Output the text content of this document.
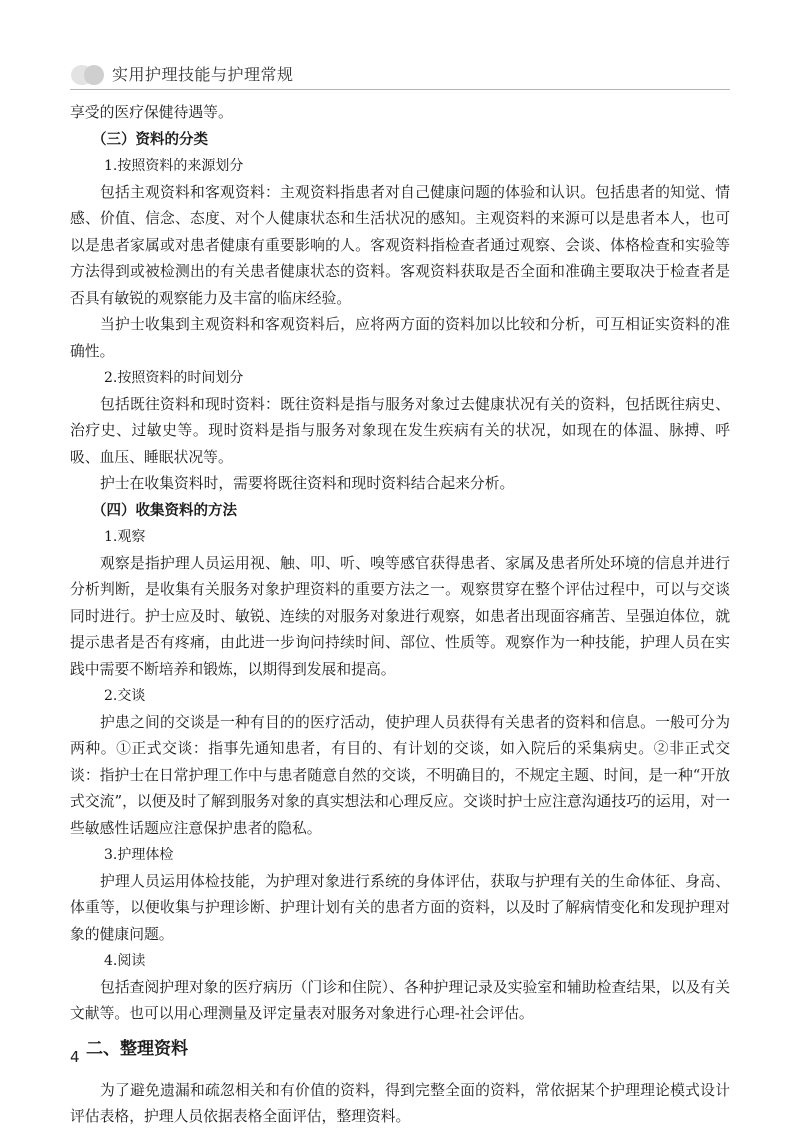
实用护理技能与护理常规

享受的医疗保健待遇等。

（三）资料的分类

1.按照资料的来源划分

包括主观资料和客观资料：主观资料指患者对自己健康问题的体验和认识。包括患者的知觉、情感、价值、信念、态度、对个人健康状态和生活状况的感知。主观资料的来源可以是患者本人，也可以是患者家属或对患者健康有重要影响的人。客观资料指检查者通过观察、会谈、体格检查和实验等方法得到或被检测出的有关患者健康状态的资料。客观资料获取是否全面和准确主要取决于检查者是否具有敏锐的观察能力及丰富的临床经验。

当护士收集到主观资料和客观资料后，应将两方面的资料加以比较和分析，可互相证实资料的准确性。

2.按照资料的时间划分

包括既往资料和现时资料：既往资料是指与服务对象过去健康状况有关的资料，包括既往病史、治疗史、过敏史等。现时资料是指与服务对象现在发生疾病有关的状况，如现在的体温、脉搏、呼吸、血压、睡眠状况等。

护士在收集资料时，需要将既往资料和现时资料结合起来分析。

（四）收集资料的方法

1.观察

观察是指护理人员运用视、触、叩、听、嗅等感官获得患者、家属及患者所处环境的信息并进行分析判断，是收集有关服务对象护理资料的重要方法之一。观察贯穿在整个评估过程中，可以与交谈同时进行。护士应及时、敏锐、连续的对服务对象进行观察，如患者出现面容痛苦、呈强迫体位，就提示患者是否有疼痛，由此进一步询问持续时间、部位、性质等。观察作为一种技能，护理人员在实践中需要不断培养和锻炼，以期得到发展和提高。

2.交谈

护患之间的交谈是一种有目的的医疗活动，使护理人员获得有关患者的资料和信息。一般可分为两种。①正式交谈：指事先通知患者，有目的、有计划的交谈，如入院后的采集病史。②非正式交谈：指护士在日常护理工作中与患者随意自然的交谈，不明确目的，不规定主题、时间，是一种“开放式交流”，以便及时了解到服务对象的真实想法和心理反应。交谈时护士应注意沟通技巧的运用，对一些敏感性话题应注意保护患者的隐私。

3.护理体检

护理人员运用体检技能，为护理对象进行系统的身体评估，获取与护理有关的生命体征、身高、体重等，以便收集与护理诊断、护理计划有关的患者方面的资料，以及时了解病情变化和发现护理对象的健康问题。

4.阅读

包括查阅护理对象的医疗病历（门诊和住院）、各种护理记录及实验室和辅助检查结果，以及有关文献等。也可以用心理测量及评定量表对服务对象进行心理-社会评估。

二、整理资料

为了避免遗漏和疏忽相关和有价值的资料，得到完整全面的资料，常依据某个护理理论模式设计评估表格，护理人员依据表格全面评估，整理资料。

4
